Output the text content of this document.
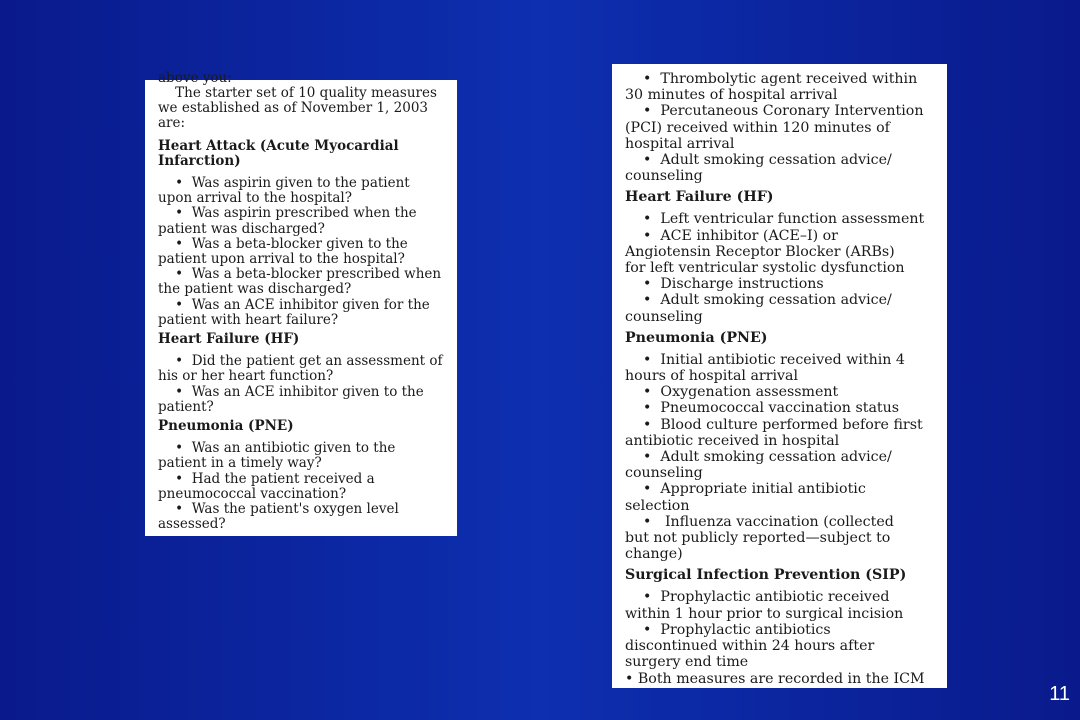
above you:

The starter set of 10 quality measures
we established as of November 1, 2003
are:

Heart Attack (Acute Myocardial
Infarction)

•  Was aspirin given to the patient
upon arrival to the hospital?

•  Was aspirin prescribed when the
patient was discharged?

•  Was a beta-blocker given to the
patient upon arrival to the hospital?

•  Was a beta-blocker prescribed when
the patient was discharged?

•  Was an ACE inhibitor given for the
patient with heart failure?

Heart Failure (HF)

•  Did the patient get an assessment of
his or her heart function?

•  Was an ACE inhibitor given to the
patient?

Pneumonia (PNE)

•  Was an antibiotic given to the
patient in a timely way?

•  Had the patient received a
pneumococcal vaccination?

•  Was the patient's oxygen level
assessed?

•  Thrombolytic agent received within
30 minutes of hospital arrival

•  Percutaneous Coronary Intervention
(PCI) received within 120 minutes of
hospital arrival

•  Adult smoking cessation advice/
counseling

Heart Failure (HF)

•  Left ventricular function assessment

•  ACE inhibitor (ACE–I) or
Angiotensin Receptor Blocker (ARBs)
for left ventricular systolic dysfunction

•  Discharge instructions

•  Adult smoking cessation advice/
counseling

Pneumonia (PNE)

•  Initial antibiotic received within 4
hours of hospital arrival

•  Oxygenation assessment

•  Pneumococcal vaccination status

•  Blood culture performed before first
antibiotic received in hospital

•  Adult smoking cessation advice/
counseling

•  Appropriate initial antibiotic
selection

•   Influenza vaccination (collected
but not publicly reported—subject to
change)

Surgical Infection Prevention (SIP)

•  Prophylactic antibiotic received
within 1 hour prior to surgical incision

•  Prophylactic antibiotics
discontinued within 24 hours after
surgery end time

• Both measures are recorded in the ICM

11
